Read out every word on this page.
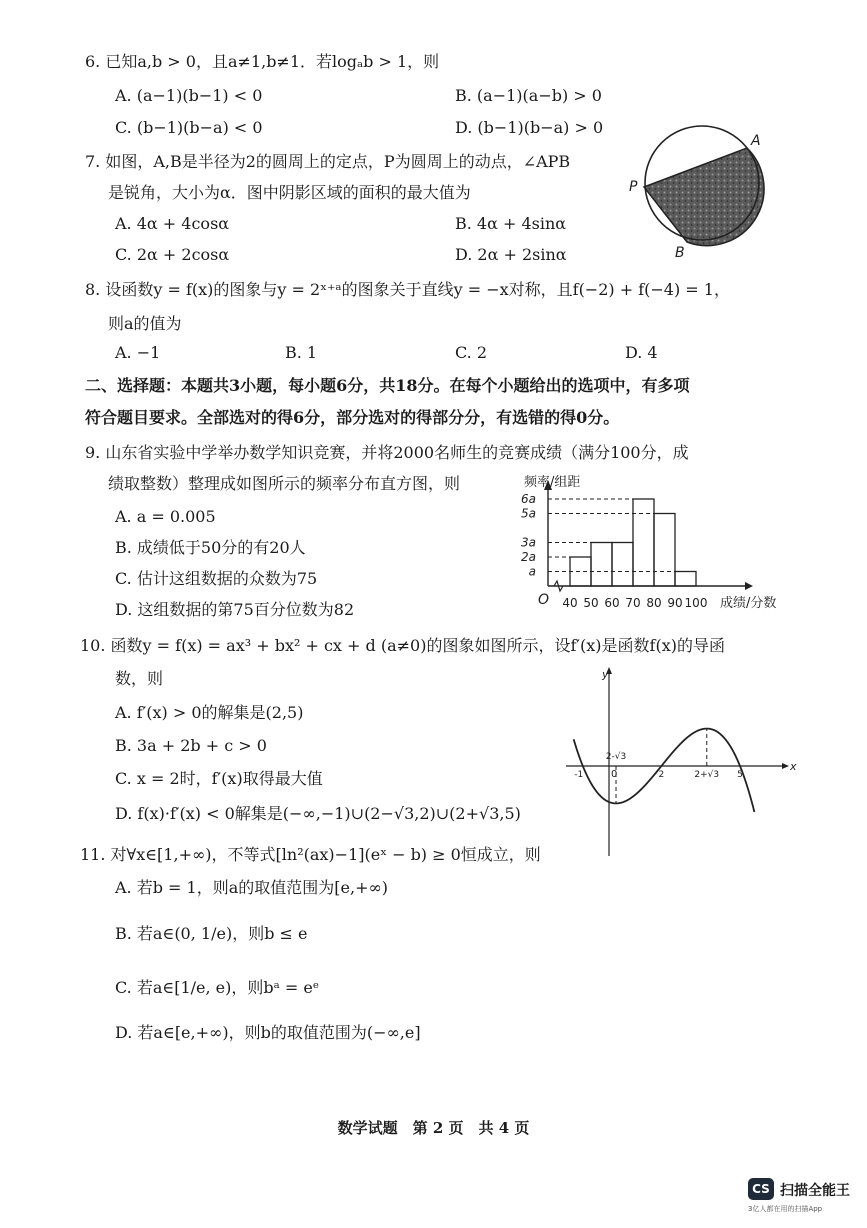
6. 已知a,b > 0，且a≠1,b≠1．若logₐb > 1，则
A. (a−1)(b−1) < 0	B. (a−1)(a−b) > 0
C. (b−1)(b−a) < 0	D. (b−1)(b−a) > 0
7. 如图，A,B是半径为2的圆周上的定点，P为圆周上的动点，∠APB
是锐角，大小为α．图中阴影区域的面积的最大值为
A. 4α + 4cosα	B. 4α + 4sinα
C. 2α + 2cosα	D. 2α + 2sinα
A
P
B
8. 设函数y = f(x)的图象与y = 2ˣ⁺ᵃ的图象关于直线y = −x对称，且f(−2) + f(−4) = 1，
则a的值为
A. −1	B. 1	C. 2	D. 4
二、选择题：本题共3小题，每小题6分，共18分。在每个小题给出的选项中，有多项
符合题目要求。全部选对的得6分，部分选对的得部分分，有选错的得0分。
9. 山东省实验中学举办数学知识竞赛，并将2000名师生的竞赛成绩（满分100分，成
绩取整数）整理成如图所示的频率分布直方图，则
A. a = 0.005
B. 成绩低于50分的有20人
C. 估计这组数据的众数为75
D. 这组数据的第75百分位数为82
频率/组距
O
a
2a
3a
5a
6a
40 50 60 70 80 90 100 成绩/分数
10. 函数y = f(x) = ax³ + bx² + cx + d (a≠0)的图象如图所示，设f′(x)是函数f(x)的导函
数，则
A. f′(x) > 0的解集是(2,5)
B. 3a + 2b + c > 0
C. x = 2时，f′(x)取得最大值
D. f(x)·f′(x) < 0解集是(−∞,−1)∪(2−√3,2)∪(2+√3,5)
x
y
0
-1
2-√3
2	2+√3 5
11. 对∀x∈[1,+∞)，不等式[ln²(ax)−1](eˣ − b) ≥ 0恒成立，则
A. 若b = 1，则a的取值范围为[e,+∞)
B. 若a∈(0, 1/e)，则b ≤ e
C. 若a∈[1/e, e)，则bᵃ = eᵉ
D. 若a∈[e,+∞)，则b的取值范围为(−∞,e]
数学试题　第 2 页　共 4 页
CS 扫描全能王
3亿人都在用的扫描App
